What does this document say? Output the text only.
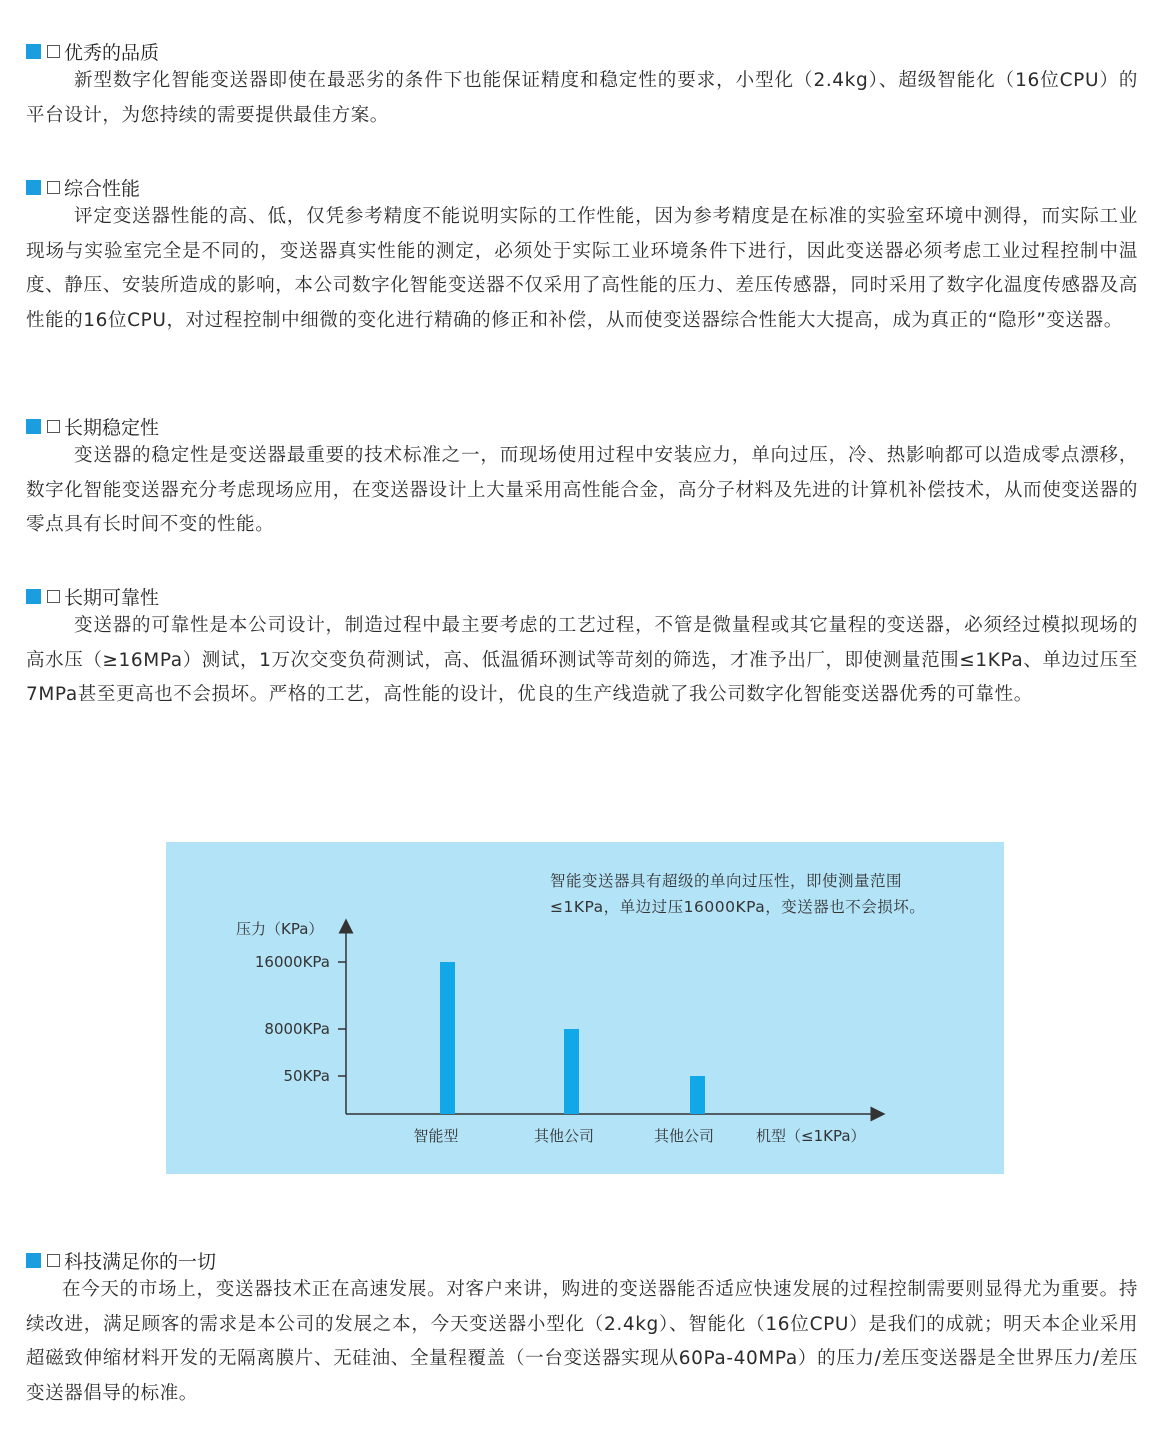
优秀的品质

新型数字化智能变送器即使在最恶劣的条件下也能保证精度和稳定性的要求，小型化（2.4kg）、超级智能化（16位CPU）的平台设计，为您持续的需要提供最佳方案。

综合性能

评定变送器性能的高、低，仅凭参考精度不能说明实际的工作性能，因为参考精度是在标准的实验室环境中测得，而实际工业现场与实验室完全是不同的，变送器真实性能的测定，必须处于实际工业环境条件下进行，因此变送器必须考虑工业过程控制中温度、静压、安装所造成的影响，本公司数字化智能变送器不仅采用了高性能的压力、差压传感器，同时采用了数字化温度传感器及高性能的16位CPU，对过程控制中细微的变化进行精确的修正和补偿，从而使变送器综合性能大大提高，成为真正的“隐形”变送器。

长期稳定性

变送器的稳定性是变送器最重要的技术标准之一，而现场使用过程中安装应力，单向过压，冷、热影响都可以造成零点漂移，数字化智能变送器充分考虑现场应用，在变送器设计上大量采用高性能合金，高分子材料及先进的计算机补偿技术，从而使变送器的零点具有长时间不变的性能。

长期可靠性

变送器的可靠性是本公司设计，制造过程中最主要考虑的工艺过程，不管是微量程或其它量程的变送器，必须经过模拟现场的高水压（≥16MPa）测试，1万次交变负荷测试，高、低温循环测试等苛刻的筛选，才准予出厂，即使测量范围≤1KPa、单边过压至7MPa甚至更高也不会损坏。严格的工艺，高性能的设计，优良的生产线造就了我公司数字化智能变送器优秀的可靠性。

压力（KPa）
机型（≤1KPa）
16000KPa
智能型
8000KPa
其他公司
50KPa
其他公司

智能变送器具有超级的单向过压性，即使测量范围≤1KPa，单边过压16000KPa，变送器也不会损坏。

科技满足你的一切

在今天的市场上，变送器技术正在高速发展。对客户来讲，购进的变送器能否适应快速发展的过程控制需要则显得尤为重要。持续改进，满足顾客的需求是本公司的发展之本，今天变送器小型化（2.4kg）、智能化（16位CPU）是我们的成就；明天本企业采用超磁致伸缩材料开发的无隔离膜片、无硅油、全量程覆盖（一台变送器实现从60Pa-40MPa）的压力/差压变送器是全世界压力/差压变送器倡导的标准。
